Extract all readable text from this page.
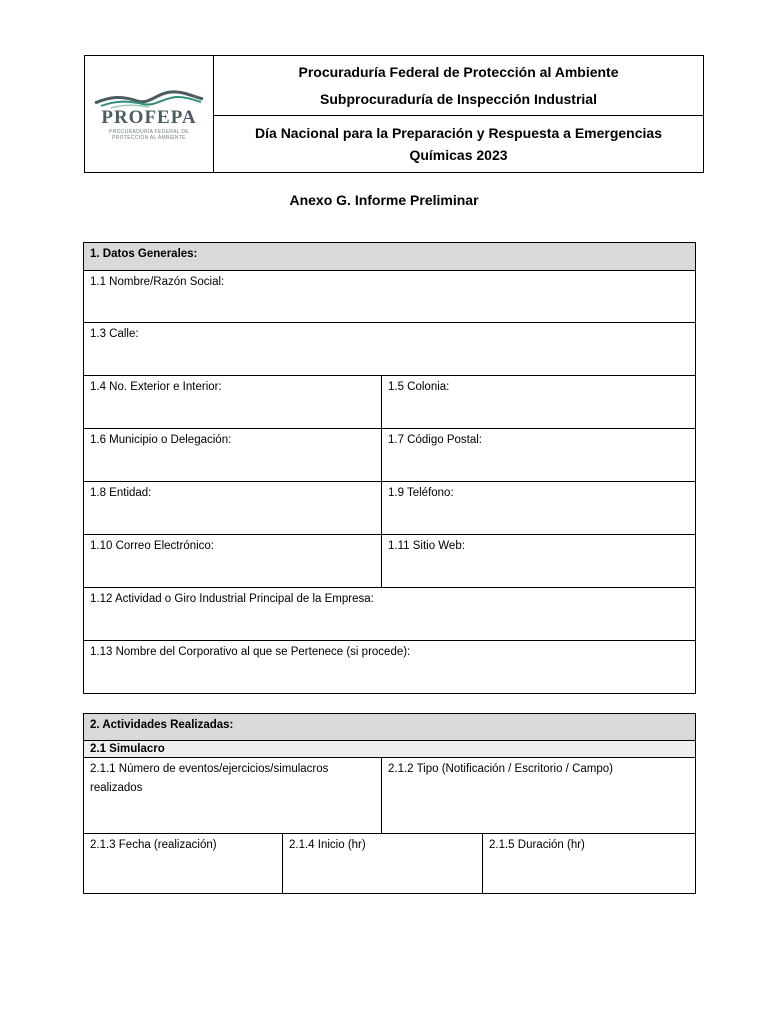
PROFEPA
PROCURADURÍA FEDERAL DE
PROTECCIÓN AL AMBIENTE
Procuraduría Federal de Protección al Ambiente
Subprocuraduría de Inspección Industrial
Día Nacional para la Preparación y Respuesta a Emergencias Químicas 2023
Anexo G. Informe Preliminar
1. Datos Generales:	
1.1 Nombre/Razón Social:	
1.3 Calle:	
1.4 No. Exterior e Interior:	1.5 Colonia:
1.6 Municipio o Delegación:	1.7 Código Postal:
1.8 Entidad:	1.9 Teléfono:
1.10 Correo Electrónico:	1.11 Sitio Web:
1.12 Actividad o Giro Industrial Principal de la Empresa:	
1.13 Nombre del Corporativo al que se Pertenece (si procede):	
2. Actividades Realizadas:			
2.1 Simulacro			
2.1.1 Número de eventos/ejercicios/simulacros realizados		2.1.2 Tipo (Notificación / Escritorio / Campo)	
2.1.3 Fecha (realización)	2.1.4 Inicio (hr)		2.1.5 Duración (hr)
